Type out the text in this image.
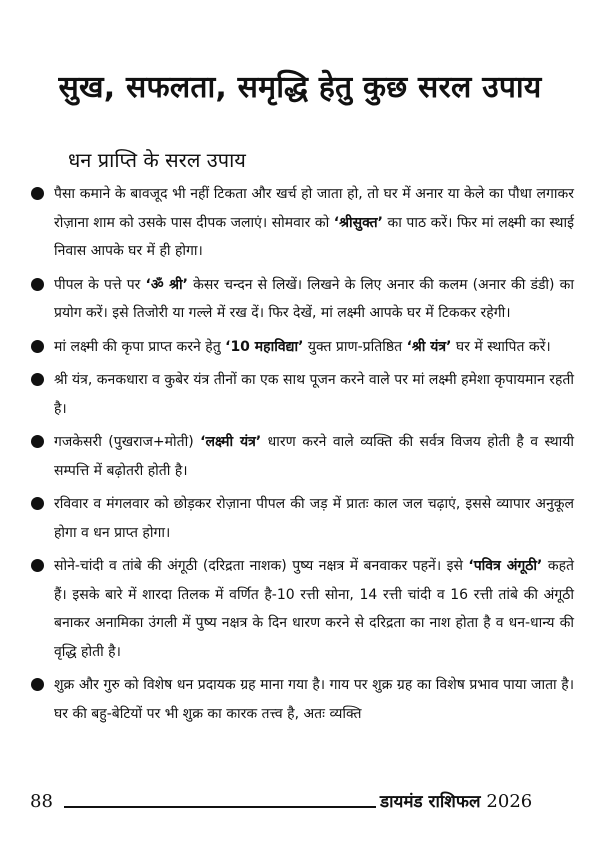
सुख, सफलता, समृद्धि हेतु कुछ सरल उपाय
धन प्राप्ति के सरल उपाय
पैसा कमाने के बावजूद भी नहीं टिकता और खर्च हो जाता हो, तो घर में अनार या केले का पौधा लगाकर रोज़ाना शाम को उसके पास दीपक जलाएं। सोमवार को ‘श्रीसुक्त’ का पाठ करें। फिर मां लक्ष्मी का स्थाई निवास आपके घर में ही होगा।
पीपल के पत्ते पर ‘ॐ श्री’ केसर चन्दन से लिखें। लिखने के लिए अनार की कलम (अनार की डंडी) का प्रयोग करें। इसे तिजोरी या गल्ले में रख दें। फिर देखें, मां लक्ष्मी आपके घर में टिककर रहेगी।
मां लक्ष्मी की कृपा प्राप्त करने हेतु ‘10 महाविद्या’ युक्त प्राण-प्रतिष्ठित ‘श्री यंत्र’ घर में स्थापित करें।
श्री यंत्र, कनकधारा व कुबेर यंत्र तीनों का एक साथ पूजन करने वाले पर मां लक्ष्मी हमेशा कृपायमान रहती है।
गजकेसरी (पुखराज+मोती) ‘लक्ष्मी यंत्र’ धारण करने वाले व्यक्ति की सर्वत्र विजय होती है व स्थायी सम्पत्ति में बढ़ोतरी होती है।
रविवार व मंगलवार को छोड़कर रोज़ाना पीपल की जड़ में प्रातः काल जल चढ़ाएं, इससे व्यापार अनुकूल होगा व धन प्राप्त होगा।
सोने-चांदी व तांबे की अंगूठी (दरिद्रता नाशक) पुष्य नक्षत्र में बनवाकर पहनें। इसे ‘पवित्र अंगूठी’ कहते हैं। इसके बारे में शारदा तिलक में वर्णित है-10 रत्ती सोना, 14 रत्ती चांदी व 16 रत्ती तांबे की अंगूठी बनाकर अनामिका उंगली में पुष्य नक्षत्र के दिन धारण करने से दरिद्रता का नाश होता है व धन-धान्य की वृद्धि होती है।
शुक्र और गुरु को विशेष धन प्रदायक ग्रह माना गया है। गाय पर शुक्र ग्रह का विशेष प्रभाव पाया जाता है। घर की बहु-बेटियों पर भी शुक्र का कारक तत्त्व है, अतः व्यक्ति
88	डायमंड राशिफल 2026
